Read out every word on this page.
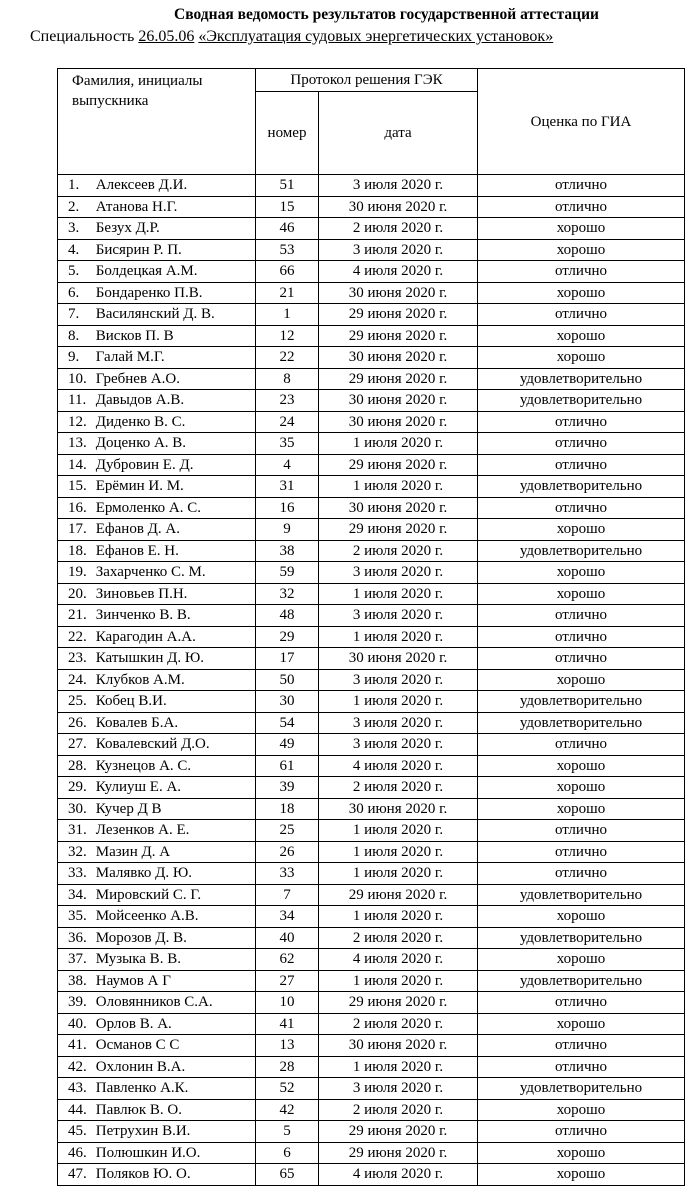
Сводная ведомость результатов государственной аттестации
Специальность 26.05.06 «Эксплуатация судовых энергетических установок»
Фамилия, инициалы выпускника	Протокол решения ГЭК		Оценка по ГИА
	номер	дата	
1. Алексеев Д.И.	51	3 июля 2020 г.	отлично
2. Атанова Н.Г.	15	30 июня 2020 г.	отлично
3. Безух Д.Р.	46	2 июля 2020 г.	хорошо
4. Бисярин Р. П.	53	3 июля 2020 г.	хорошо
5. Болдецкая А.М.	66	4 июля 2020 г.	отлично
6. Бондаренко П.В.	21	30 июня 2020 г.	хорошо
7. Василянский Д. В.	1	29 июня 2020 г.	отлично
8. Висков П. В	12	29 июня 2020 г.	хорошо
9. Галай М.Г.	22	30 июня 2020 г.	хорошо
10. Гребнев А.О.	8	29 июня 2020 г.	удовлетворительно
11. Давыдов А.В.	23	30 июня 2020 г.	удовлетворительно
12. Диденко В. С.	24	30 июня 2020 г.	отлично
13. Доценко А. В.	35	1 июля 2020 г.	отлично
14. Дубровин Е. Д.	4	29 июня 2020 г.	отлично
15. Ерёмин И. М.	31	1 июля 2020 г.	удовлетворительно
16. Ермоленко А. С.	16	30 июня 2020 г.	отлично
17. Ефанов Д. А.	9	29 июня 2020 г.	хорошо
18. Ефанов Е. Н.	38	2 июля 2020 г.	удовлетворительно
19. Захарченко С. М.	59	3 июля 2020 г.	хорошо
20. Зиновьев П.Н.	32	1 июля 2020 г.	хорошо
21. Зинченко В. В.	48	3 июля 2020 г.	отлично
22. Карагодин А.А.	29	1 июля 2020 г.	отлично
23. Катышкин Д. Ю.	17	30 июня 2020 г.	отлично
24. Клубков А.М.	50	3 июля 2020 г.	хорошо
25. Кобец В.И.	30	1 июля 2020 г.	удовлетворительно
26. Ковалев Б.А.	54	3 июля 2020 г.	удовлетворительно
27. Ковалевский Д.О.	49	3 июля 2020 г.	отлично
28. Кузнецов А. С.	61	4 июля 2020 г.	хорошо
29. Кулиуш Е. А.	39	2 июля 2020 г.	хорошо
30. Кучер Д В	18	30 июня 2020 г.	хорошо
31. Лезенков А. Е.	25	1 июля 2020 г.	отлично
32. Мазин Д. А	26	1 июля 2020 г.	отлично
33. Малявко Д. Ю.	33	1 июля 2020 г.	отлично
34. Мировский С. Г.	7	29 июня 2020 г.	удовлетворительно
35. Мойсеенко А.В.	34	1 июля 2020 г.	хорошо
36. Морозов Д. В.	40	2 июля 2020 г.	удовлетворительно
37. Музыка В. В.	62	4 июля 2020 г.	хорошо
38. Наумов А Г	27	1 июля 2020 г.	удовлетворительно
39. Оловянников С.А.	10	29 июня 2020 г.	отлично
40. Орлов В. А.	41	2 июля 2020 г.	хорошо
41. Османов С С	13	30 июня 2020 г.	отлично
42. Охлонин В.А.	28	1 июля 2020 г.	отлично
43. Павленко А.К.	52	3 июля 2020 г.	удовлетворительно
44. Павлюк В. О.	42	2 июля 2020 г.	хорошо
45. Петрухин В.И.	5	29 июня 2020 г.	отлично
46. Полюшкин И.О.	6	29 июня 2020 г.	хорошо
47. Поляков Ю. О.	65	4 июля 2020 г.	хорошо
